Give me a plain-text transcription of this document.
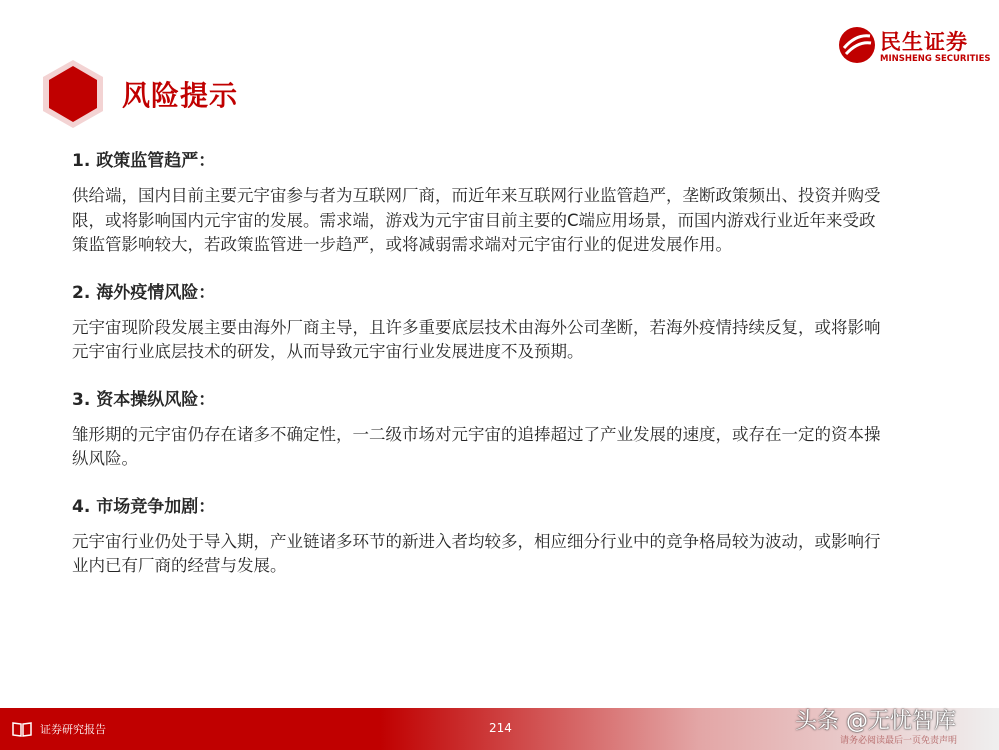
风险提示
民生证券
MINSHENG SECURITIES
1. 政策监管趋严：
供给端，国内目前主要元宇宙参与者为互联网厂商，而近年来互联网行业监管趋严，垄断政策频出、投资并购受限，或将影响国内元宇宙的发展。需求端，游戏为元宇宙目前主要的C端应用场景，而国内游戏行业近年来受政策监管影响较大，若政策监管进一步趋严，或将减弱需求端对元宇宙行业的促进发展作用。
2. 海外疫情风险：
元宇宙现阶段发展主要由海外厂商主导，且许多重要底层技术由海外公司垄断，若海外疫情持续反复，或将影响元宇宙行业底层技术的研发，从而导致元宇宙行业发展进度不及预期。
3. 资本操纵风险：
雏形期的元宇宙仍存在诸多不确定性，一二级市场对元宇宙的追捧超过了产业发展的速度，或存在一定的资本操纵风险。
4. 市场竞争加剧：
元宇宙行业仍处于导入期，产业链诸多环节的新进入者均较多，相应细分行业中的竞争格局较为波动，或影响行业内已有厂商的经营与发展。
证券研究报告	214
请务必阅读最后一页免责声明
头条 @无忧智库
